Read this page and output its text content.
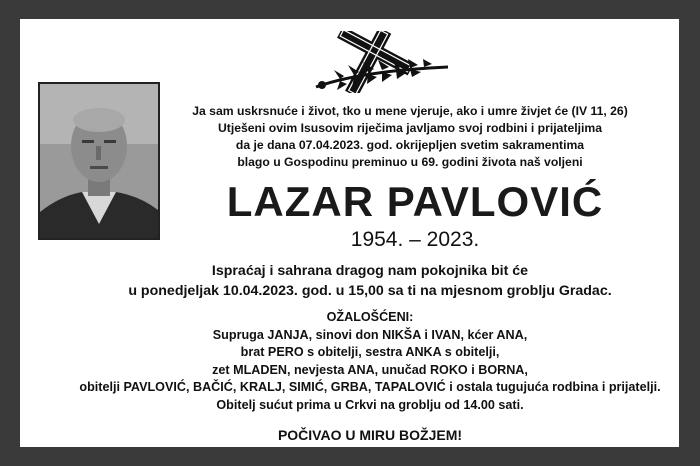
Ja sam uskrsnuće i život, tko u mene vjeruje, ako i umre živjet će (IV 11, 26)
Utješeni ovim Isusovim riječima javljamo svoj rodbini i prijateljima
da je dana 07.04.2023. god. okrijepljen svetim sakramentima
blago u Gospodinu preminuo u 69. godini života naš voljeni
LAZAR PAVLOVIĆ
1954. – 2023.
Ispraćaj i sahrana dragog nam pokojnika bit će
u ponedjeljak 10.04.2023. god. u 15,00 sa ti na mjesnom groblju Gradac.
OŽALOŠĆENI:
Supruga JANJA, sinovi don NIKŠA i IVAN, kćer ANA,
brat PERO s obitelji, sestra ANKA s obitelji,
zet MLADEN, nevjesta ANA, unučad ROKO i BORNA,
obitelji PAVLOVIĆ, BAČIĆ, KRALJ, SIMIĆ, GRBA, TAPALOVIĆ i ostala tugujuća rodbina i prijatelji.
Obitelj sućut prima u Crkvi na groblju od 14.00 sati.
POČIVAO U MIRU BOŽJEM!
